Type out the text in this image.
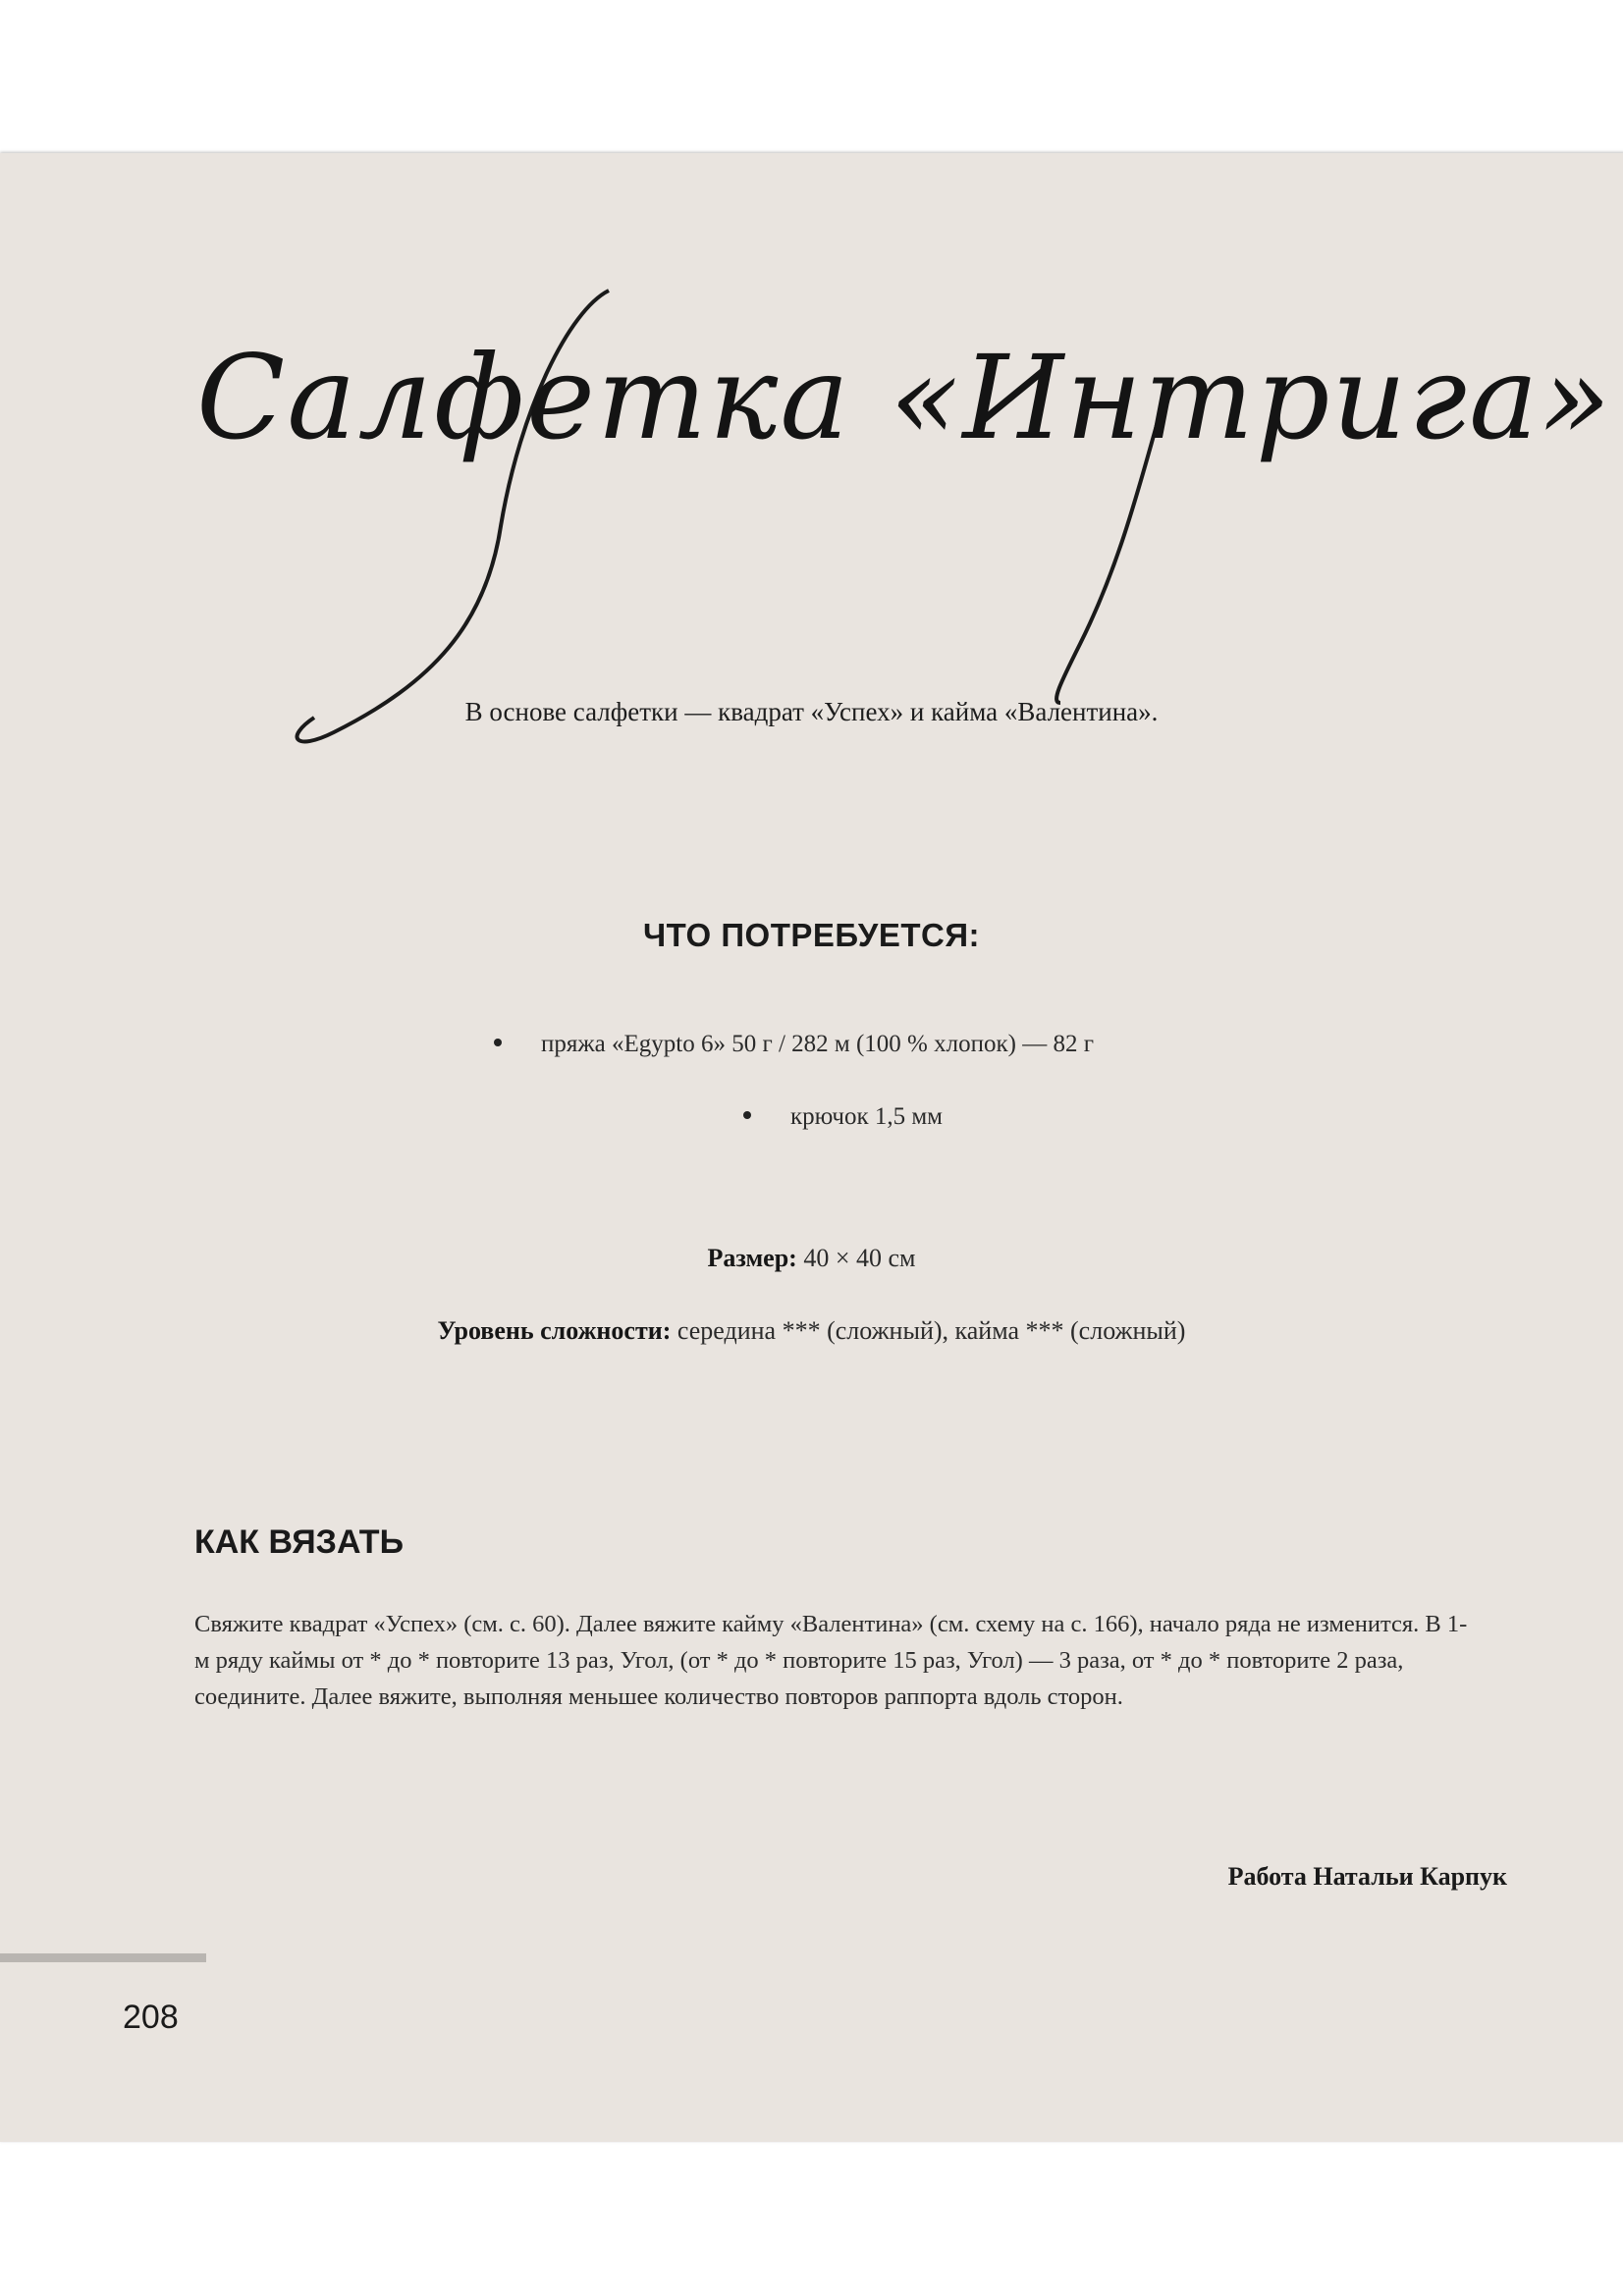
Салфетка «Интрига»
В основе салфетки — квадрат «Успех» и кайма «Валентина».
ЧТО ПОТРЕБУЕТСЯ:
пряжа «Egypto 6» 50 г / 282 м (100 % хлопок) — 82 г
крючок 1,5 мм
Размер: 40 × 40 см
Уровень сложности: середина *** (сложный), кайма *** (сложный)
КАК ВЯЗАТЬ
Свяжите квадрат «Успех» (см. с. 60). Далее вяжите кайму «Валентина» (см. схему на с. 166), начало ряда не изменится. В 1-м ряду каймы от * до * повторите 13 раз, Угол, (от * до * повторите 15 раз, Угол) — 3 раза, от * до * повторите 2 раза, соедините. Далее вяжите, выполняя меньшее количество повторов раппорта вдоль сторон.
Работа Натальи Карпук
208
